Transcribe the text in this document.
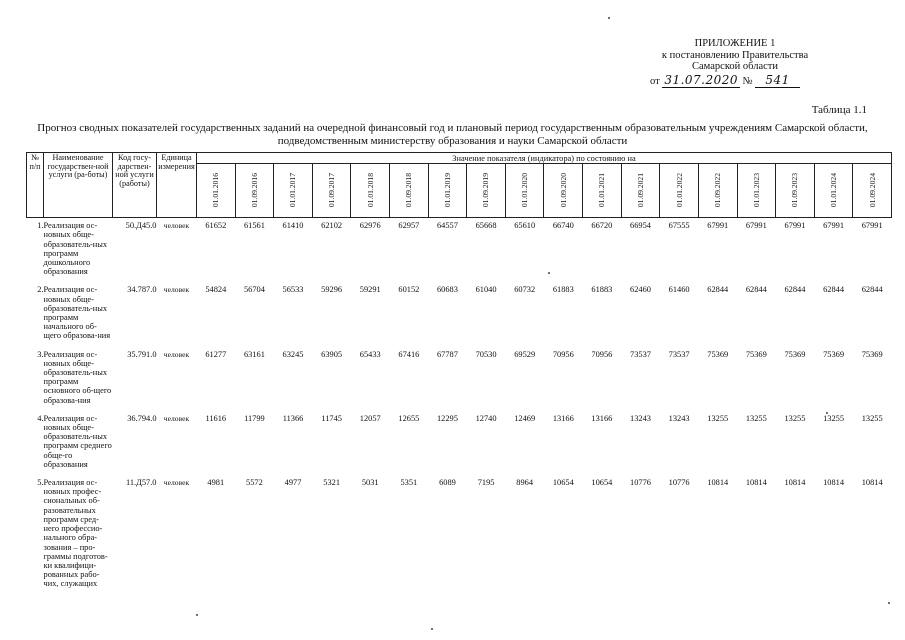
ПРИЛОЖЕНИЕ 1
к постановлению Правительства
Самарской области
от 31.07.2020 № 541
Таблица 1.1
Прогноз сводных показателей государственных заданий на очередной финансовый год и плановый период государственным образовательным учреждениям Самарской области, подведомственным министерству образования и науки Самарской области
№ п/п	Наименование государствен-ной услуги (ра-боты)	Код госу-дарствен-ной услуги (работы)	Единица измерения	Значение показателя (индикатора) по состоянию на																	
				01.01.2016	01.09.2016	01.01.2017	01.09.2017	01.01.2018	01.09.2018	01.01.2019	01.09.2019	01.01.2020	01.09.2020	01.01.2021	01.09.2021	01.01.2022	01.09.2022	01.01.2023	01.09.2023	01.01.2024	01.09.2024
1.	Реализация ос-новных обще-образователь-ных программ дошкольного образования	50.Д45.0	человек	61652	61561	61410	62102	62976	62957	64557	65668	65610	66740	66720	66954	67555	67991	67991	67991	67991	67991

2.	Реализация ос-новных обще-образователь-ных программ начального об-щего образова-ния	34.787.0	человек	54824	56704	56533	59296	59291	60152	60683	61040	60732	61883	61883	62460	61460	62844	62844	62844	62844	62844

3.	Реализация ос-новных обще-образователь-ных программ основного об-щего образова-ния	35.791.0	человек	61277	63161	63245	63905	65433	67416	67787	70530	69529	70956	70956	73537	73537	75369	75369	75369	75369	75369

4.	Реализация ос-новных обще-образователь-ных программ среднего обще-го образования	36.794.0	человек	11616	11799	11366	11745	12057	12655	12295	12740	12469	13166	13166	13243	13243	13255	13255	13255	13255	13255

5.	Реализация ос-новных профес-сиональных об-разовательных программ сред-него профессио-нального обра-зования – про-граммы подготов-ки квалифици-рованных рабо-чих, служащих	11.Д57.0	человек	4981	5572	4977	5321	5031	5351	6089	7195	8964	10654	10654	10776	10776	10814	10814	10814	10814	10814
